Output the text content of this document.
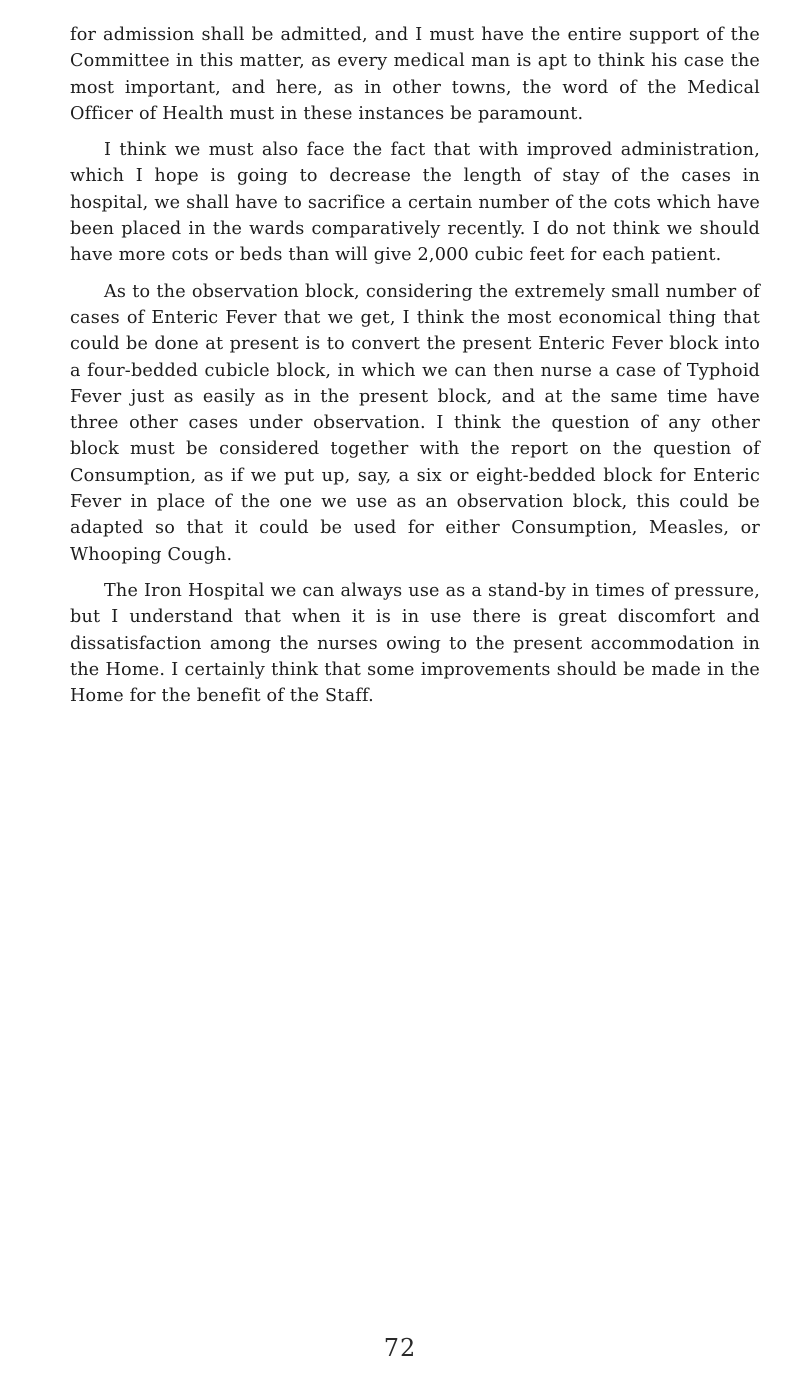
for admission shall be admitted, and I must have the entire support of the Committee in this matter, as every medical man is apt to think his case the most important, and here, as in other towns, the word of the Medical Officer of Health must in these instances be paramount.

I think we must also face the fact that with improved administration, which I hope is going to decrease the length of stay of the cases in hospital, we shall have to sacrifice a certain number of the cots which have been placed in the wards comparatively recently. I do not think we should have more cots or beds than will give 2,000 cubic feet for each patient.

As to the observation block, considering the extremely small number of cases of Enteric Fever that we get, I think the most economical thing that could be done at present is to convert the present Enteric Fever block into a four-bedded cubicle block, in which we can then nurse a case of Typhoid Fever just as easily as in the present block, and at the same time have three other cases under observation. I think the question of any other block must be considered together with the report on the question of Consumption, as if we put up, say, a six or eight-bedded block for Enteric Fever in place of the one we use as an observation block, this could be adapted so that it could be used for either Consumption, Measles, or Whooping Cough.

The Iron Hospital we can always use as a stand-by in times of pressure, but I understand that when it is in use there is great discomfort and dissatisfaction among the nurses owing to the present accommodation in the Home. I certainly think that some improvements should be made in the Home for the benefit of the Staff.

72
